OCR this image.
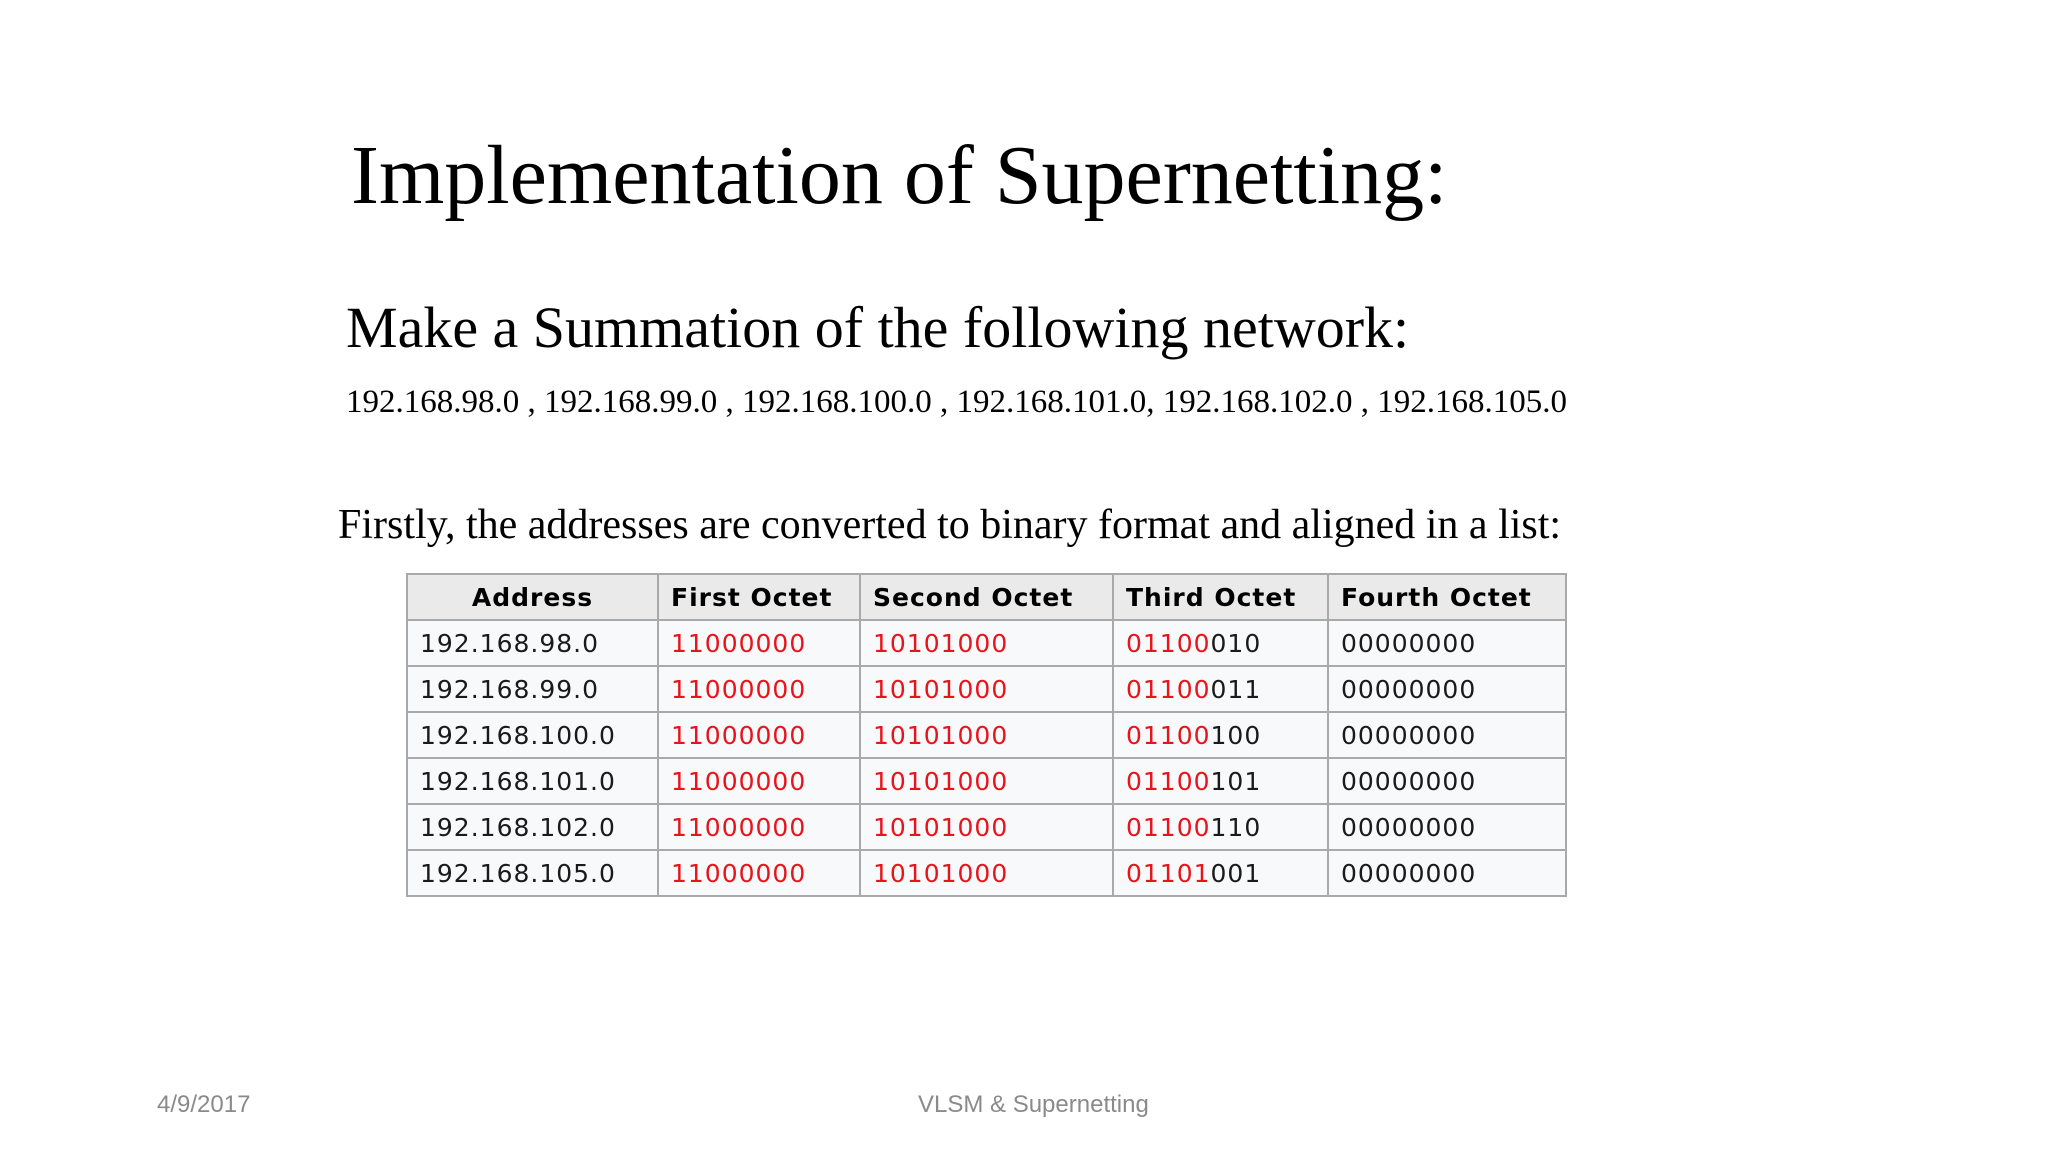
Implementation of Supernetting:
Make a Summation of the following network:
192.168.98.0 , 192.168.99.0 , 192.168.100.0 , 192.168.101.0, 192.168.102.0 , 192.168.105.0
Firstly, the addresses are converted to binary format and aligned in a list:
Address	First Octet	Second Octet	Third Octet	Fourth Octet
192.168.98.0	11000000	10101000	01100010	00000000
192.168.99.0	11000000	10101000	01100011	00000000
192.168.100.0	11000000	10101000	01100100	00000000
192.168.101.0	11000000	10101000	01100101	00000000
192.168.102.0	11000000	10101000	01100110	00000000
192.168.105.0	11000000	10101000	01101001	00000000
4/9/2017	VLSM & Supernetting
